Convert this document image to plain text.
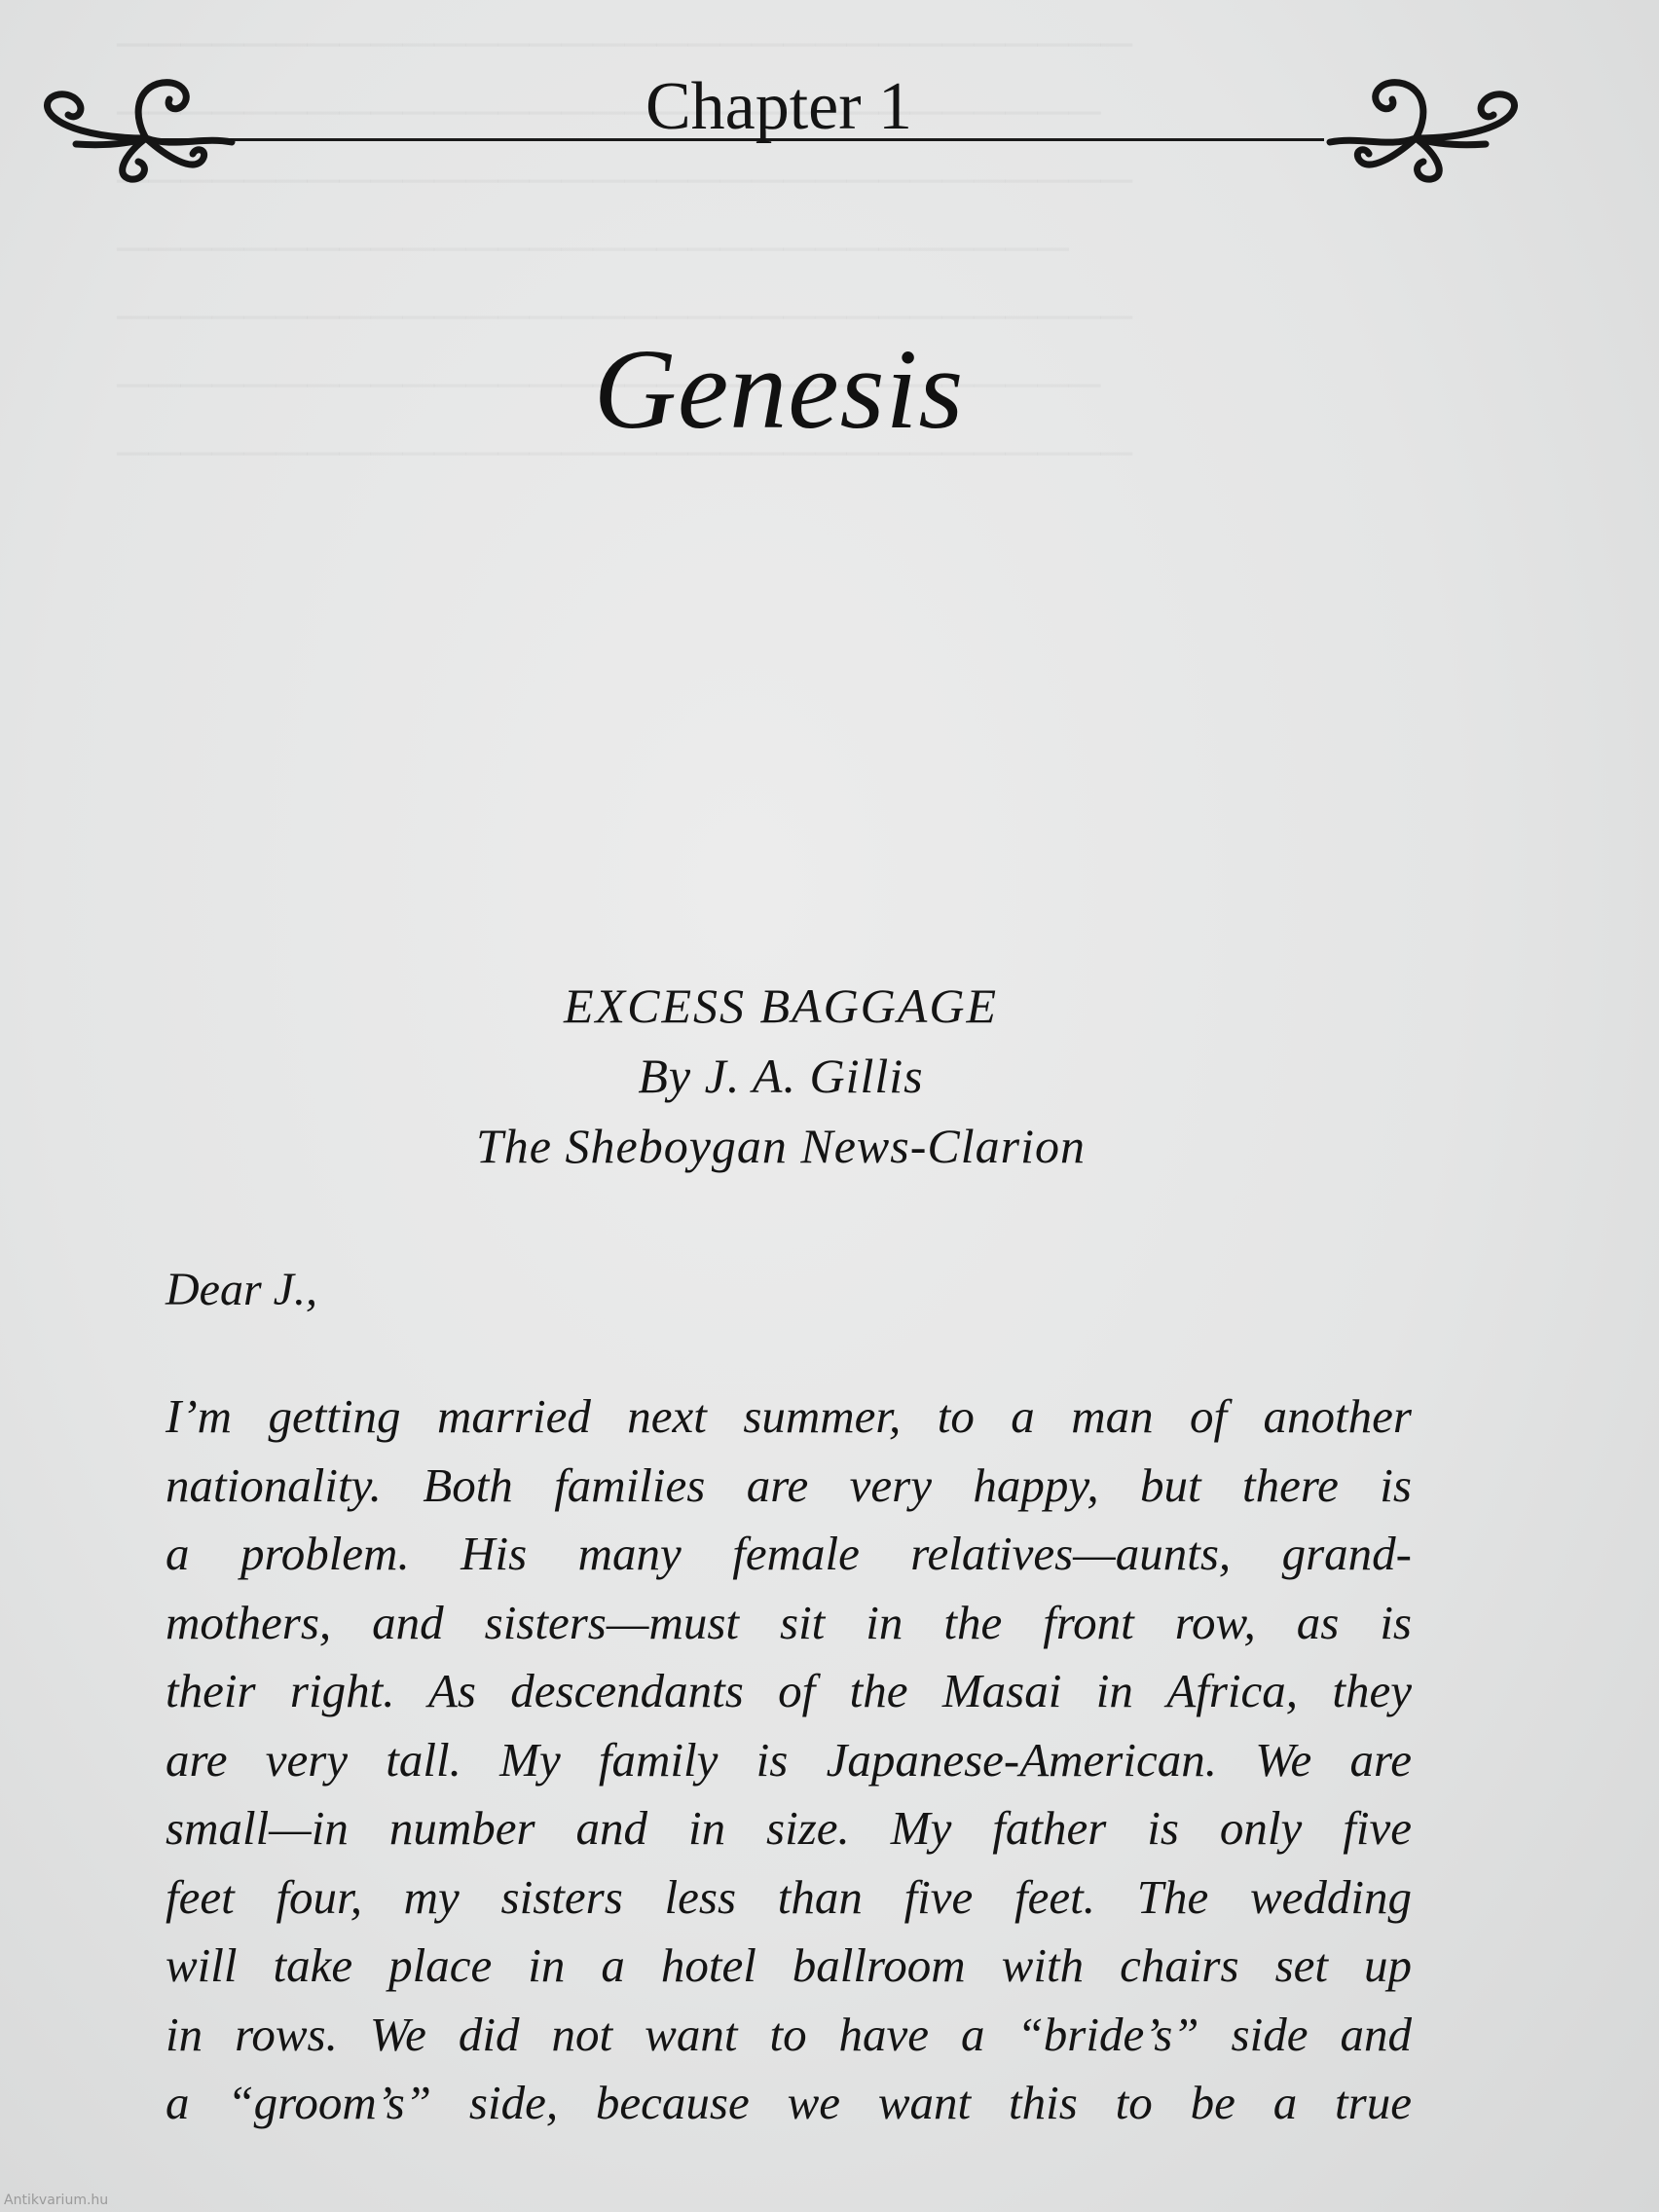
Chapter 1
Genesis
EXCESS BAGGAGE
By J. A. Gillis
The Sheboygan News-Clarion
Dear J.,
I’m getting married next summer, to a man of another
nationality. Both families are very happy, but there is
a problem. His many female relatives—aunts, grand-
mothers, and sisters—must sit in the front row, as is
their right. As descendants of the Masai in Africa, they
are very tall. My family is Japanese-American. We are
small—in number and in size. My father is only five
feet four, my sisters less than five feet. The wedding
will take place in a hotel ballroom with chairs set up
in rows. We did not want to have a “bride’s” side and
a “groom’s” side, because we want this to be a true
Antikvarium.hu
